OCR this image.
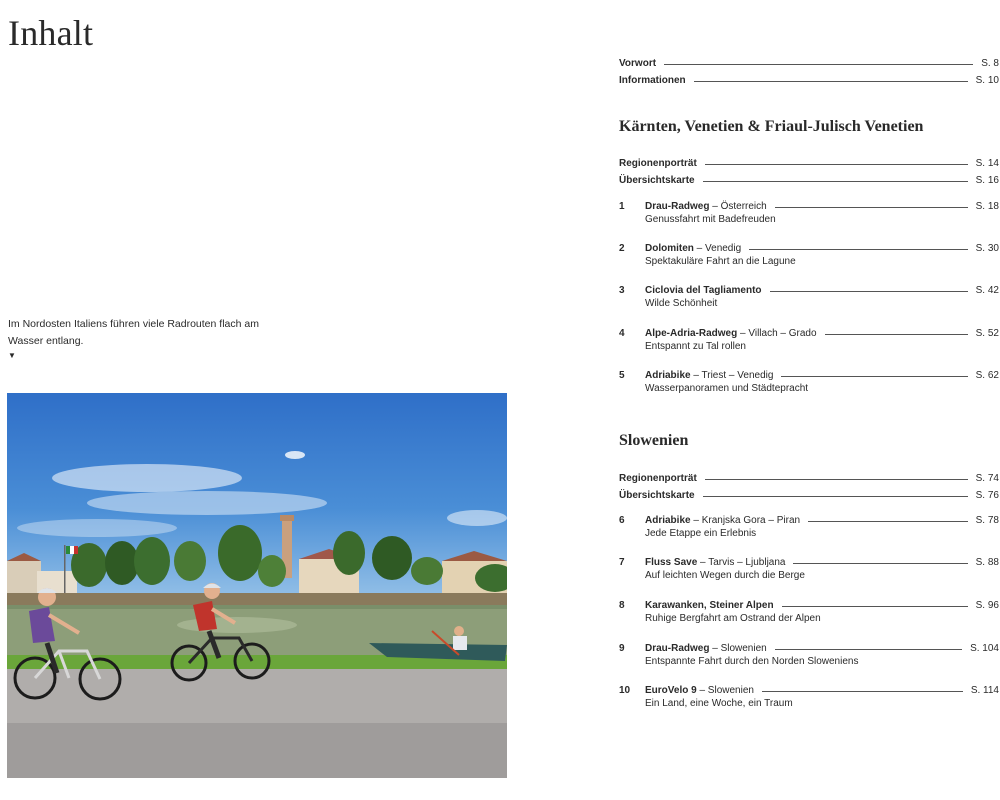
Inhalt
Im Nordosten Italiens führen viele Radrouten flach am Wasser entlang.
▼
Vorwort	S. 8
Informationen	S. 10
Kärnten, Venetien & Friaul-Julisch Venetien
Regionenporträt	S. 14
Übersichtskarte	S. 16
1	Drau-Radweg – Österreich	S. 18
Genussfahrt mit Badefreuden
2	Dolomiten – Venedig	S. 30
Spektakuläre Fahrt an die Lagune
3	Ciclovia del Tagliamento	S. 42
Wilde Schönheit
4	Alpe-Adria-Radweg – Villach – Grado	S. 52
Entspannt zu Tal rollen
5	Adriabike – Triest – Venedig	S. 62
Wasserpanoramen und Städtepracht
Slowenien
Regionenporträt	S. 74
Übersichtskarte	S. 76
6	Adriabike – Kranjska Gora – Piran	S. 78
Jede Etappe ein Erlebnis
7	Fluss Save – Tarvis – Ljubljana	S. 88
Auf leichten Wegen durch die Berge
8	Karawanken, Steiner Alpen	S. 96
Ruhige Bergfahrt am Ostrand der Alpen
9	Drau-Radweg – Slowenien	S. 104
Entspannte Fahrt durch den Norden Sloweniens
10	EuroVelo 9 – Slowenien	S. 114
Ein Land, eine Woche, ein Traum
